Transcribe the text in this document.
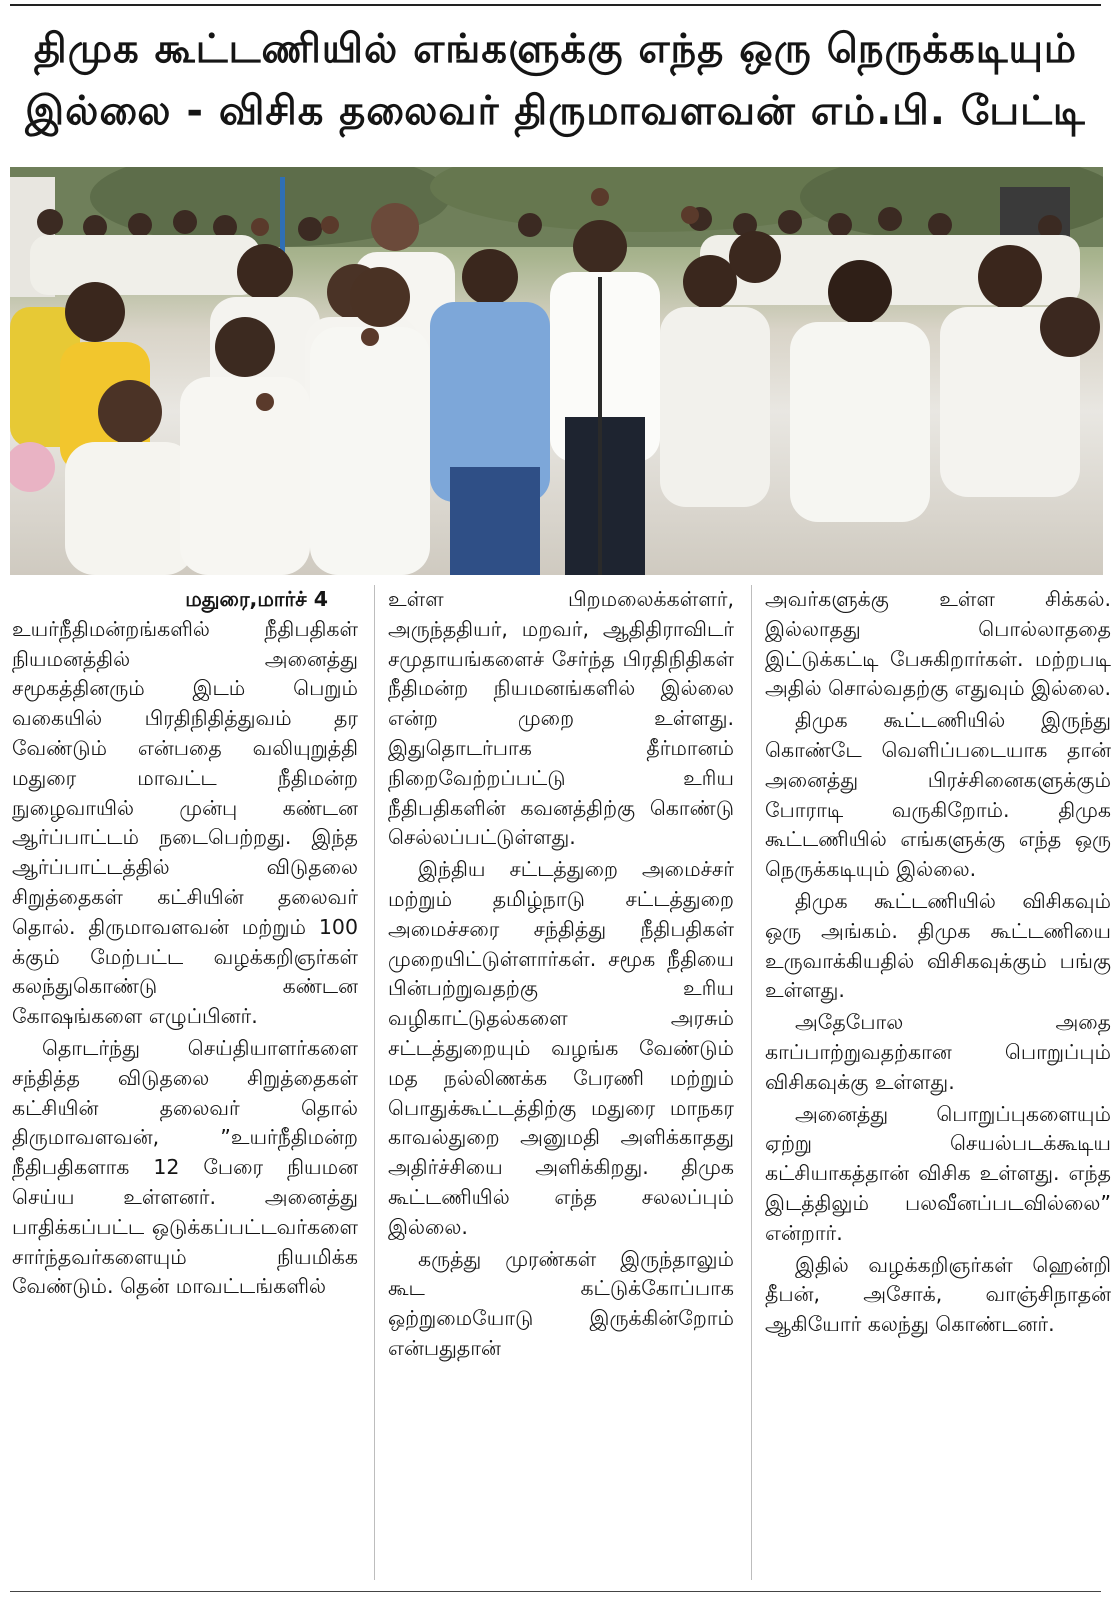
திமுக கூட்டணியில் எங்களுக்கு எந்த ஒரு நெருக்கடியும்
இல்லை - விசிக தலைவர் திருமாவளவன் எம்.பி. பேட்டி
மதுரை,மார்ச் 4

உயர்நீதிமன்றங்களில் நீதிபதிகள் நியமனத்தில் அனைத்து சமூகத்தினரும் இடம் பெறும் வகையில் பிரதிநிதித்துவம் தர வேண்டும் என்பதை வலியுறுத்தி மதுரை மாவட்ட நீதிமன்ற நுழைவாயில் முன்பு கண்டன ஆர்ப்பாட்டம் நடைபெற்றது. இந்த ஆர்ப்பாட்டத்தில் விடுதலை சிறுத்தைகள் கட்சியின் தலைவர் தொல். திருமாவளவன் மற்றும் 100 க்கும் மேற்பட்ட வழக்கறிஞர்கள் கலந்துகொண்டு கண்டன கோஷங்களை எழுப்பினர்.

தொடர்ந்து செய்தியாளர்களை சந்தித்த விடுதலை சிறுத்தைகள் கட்சியின் தலைவர் தொல் திருமாவளவன், ”உயர்நீதிமன்ற நீதிபதிகளாக 12 பேரை நியமன செய்ய உள்ளனர். அனைத்து பாதிக்கப்பட்ட ஒடுக்கப்பட்டவர்களை சார்ந்தவர்களையும் நியமிக்க வேண்டும். தென் மாவட்டங்களில்

உள்ள பிறமலைக்கள்ளர், அருந்ததியர், மறவர், ஆதிதிராவிடர் சமுதாயங்களைச் சேர்ந்த பிரதிநிதிகள் நீதிமன்ற நியமனங்களில் இல்லை என்ற முறை உள்ளது. இதுதொடர்பாக தீர்மானம் நிறைவேற்றப்பட்டு உரிய நீதிபதிகளின் கவனத்திற்கு கொண்டு செல்லப்பட்டுள்ளது.

இந்திய சட்டத்துறை அமைச்சர் மற்றும் தமிழ்நாடு சட்டத்துறை அமைச்சரை சந்தித்து நீதிபதிகள் முறையிட்டுள்ளார்கள். சமூக நீதியை பின்பற்றுவதற்கு உரிய வழிகாட்டுதல்களை அரசும் சட்டத்துறையும் வழங்க வேண்டும் மத நல்லிணக்க பேரணி மற்றும் பொதுக்கூட்டத்திற்கு மதுரை மாநகர காவல்துறை அனுமதி அளிக்காதது அதிர்ச்சியை அளிக்கிறது. திமுக கூட்டணியில் எந்த சலலப்பும் இல்லை.

கருத்து முரண்கள் இருந்தாலும் கூட கட்டுக்கோப்பாக ஒற்றுமையோடு இருக்கின்றோம் என்பதுதான்

அவர்களுக்கு உள்ள சிக்கல். இல்லாதது பொல்லாததை இட்டுக்கட்டி பேசுகிறார்கள். மற்றபடி அதில் சொல்வதற்கு எதுவும் இல்லை.

திமுக கூட்டணியில் இருந்து கொண்டே வெளிப்படையாக தான் அனைத்து பிரச்சினைகளுக்கும் போராடி வருகிறோம். திமுக கூட்டணியில் எங்களுக்கு எந்த ஒரு நெருக்கடியும் இல்லை.

திமுக கூட்டணியில் விசிகவும் ஒரு அங்கம். திமுக கூட்டணியை உருவாக்கியதில் விசிகவுக்கும் பங்கு உள்ளது.

அதேபோல அதை காப்பாற்றுவதற்கான பொறுப்பும் விசிகவுக்கு உள்ளது.

அனைத்து பொறுப்புகளையும் ஏற்று செயல்படக்கூடிய கட்சியாகத்தான் விசிக உள்ளது. எந்த இடத்திலும் பலவீனப்படவில்லை” என்றார்.

இதில் வழக்கறிஞர்கள் ஹென்றி தீபன், அசோக், வாஞ்சிநாதன் ஆகியோர் கலந்து கொண்டனர்.
